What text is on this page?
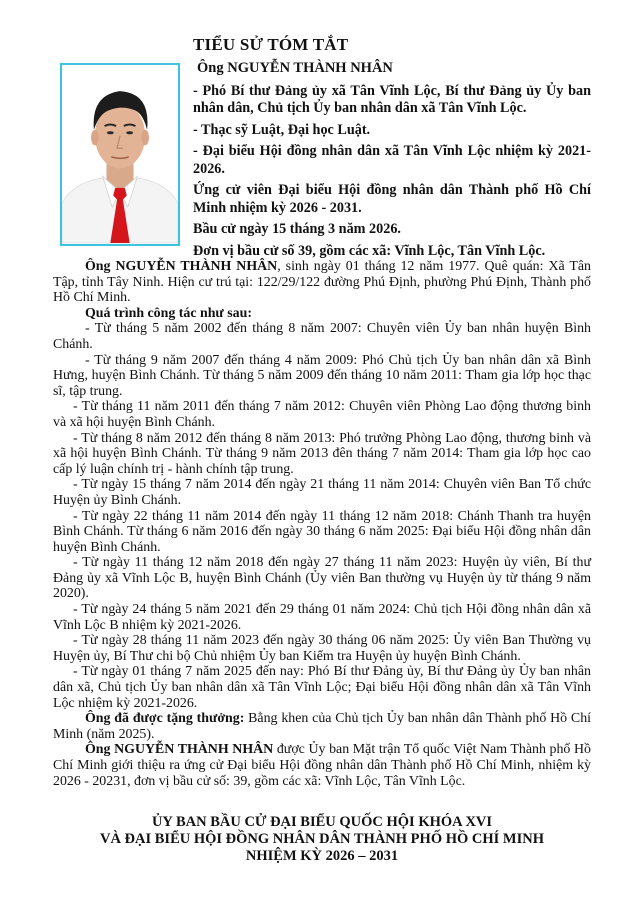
TIỂU SỬ TÓM TẮT
Ông NGUYỄN THÀNH NHÂN

- Phó Bí thư Đảng ủy xã Tân Vĩnh Lộc, Bí thư Đảng ủy Ủy ban nhân dân, Chủ tịch Ủy ban nhân dân xã Tân Vĩnh Lộc.

- Thạc sỹ Luật, Đại học Luật.

- Đại biểu Hội đồng nhân dân xã Tân Vĩnh Lộc nhiệm kỳ 2021-2026.

Ứng cử viên Đại biểu Hội đồng nhân dân Thành phố Hồ Chí Minh nhiệm kỳ 2026 - 2031.

Bầu cử ngày 15 tháng 3 năm 2026.

Đơn vị bầu cử số 39, gồm các xã: Vĩnh Lộc, Tân Vĩnh Lộc.

Ông NGUYỄN THÀNH NHÂN, sinh ngày 01 tháng 12 năm 1977. Quê quán: Xã Tân Tập, tỉnh Tây Ninh. Hiện cư trú tại: 122/29/122 đường Phú Định, phường Phú Định, Thành phố Hồ Chí Minh.

Quá trình công tác như sau:

- Từ tháng 5 năm 2002 đến tháng 8 năm 2007: Chuyên viên Ủy ban nhân huyện Bình Chánh.

- Từ tháng 9 năm 2007 đến tháng 4 năm 2009: Phó Chủ tịch Ủy ban nhân dân xã Bình Hưng, huyện Bình Chánh. Từ tháng 5 năm 2009 đến tháng 10 năm 2011: Tham gia lớp học thạc sĩ, tập trung.

- Từ tháng 11 năm 2011 đến tháng 7 năm 2012: Chuyên viên Phòng Lao động thương binh và xã hội huyện Bình Chánh.

- Từ tháng 8 năm 2012 đến tháng 8 năm 2013: Phó trưởng Phòng Lao động, thương binh và xã hội huyện Bình Chánh. Từ tháng 9 năm 2013 đên tháng 7 năm 2014: Tham gia lớp học cao cấp lý luận chính trị - hành chính tập trung.

- Từ ngày 15 tháng 7 năm 2014 đến ngày 21 tháng 11 năm 2014: Chuyên viên Ban Tổ chức Huyện ủy Bình Chánh.

- Từ ngày 22 tháng 11 năm 2014 đến ngày 11 tháng 12 năm 2018: Chánh Thanh tra huyện Bình Chánh. Từ tháng 6 năm 2016 đến ngày 30 tháng 6 năm 2025: Đại biểu Hội đồng nhân dân huyện Bình Chánh.

- Từ ngày 11 tháng 12 năm 2018 đến ngày 27 tháng 11 năm 2023: Huyện ủy viên, Bí thư Đảng ủy xã Vĩnh Lộc B, huyện Bình Chánh (Ủy viên Ban thường vụ Huyện ủy từ tháng 9 năm 2020).

- Từ ngày 24 tháng 5 năm 2021 đến 29 tháng 01 năm 2024: Chủ tịch Hội đồng nhân dân xã Vĩnh Lộc B nhiệm kỳ 2021-2026.

- Từ ngày 28 tháng 11 năm 2023 đến ngày 30 tháng 06 năm 2025: Ủy viên Ban Thường vụ Huyện ủy, Bí Thư chi bộ Chủ nhiệm Ủy ban Kiểm tra Huyện ủy huyện Bình Chánh.

- Từ ngày 01 tháng 7 năm 2025 đến nay: Phó Bí thư Đảng ủy, Bí thư Đảng ủy Ủy ban nhân dân xã, Chủ tịch Ủy ban nhân dân xã Tân Vĩnh Lộc; Đại biểu Hội đồng nhân dân xã Tân Vĩnh Lộc nhiệm kỳ 2021-2026.

Ông đã được tặng thưởng: Bằng khen của Chủ tịch Ủy ban nhân dân Thành phố Hồ Chí Minh (năm 2025).

Ông NGUYỄN THÀNH NHÂN được Ủy ban Mặt trận Tổ quốc Việt Nam Thành phố Hồ Chí Minh giới thiệu ra ứng cử Đại biểu Hội đồng nhân dân Thành phố Hồ Chí Minh, nhiệm kỳ 2026 - 20231, đơn vị bầu cử số: 39, gồm các xã: Vĩnh Lộc, Tân Vĩnh Lộc.

ỦY BAN BẦU CỬ ĐẠI BIỂU QUỐC HỘI KHÓA XVI
VÀ ĐẠI BIỂU HỘI ĐỒNG NHÂN DÂN THÀNH PHỐ HỒ CHÍ MINH
NHIỆM KỲ 2026 – 2031
